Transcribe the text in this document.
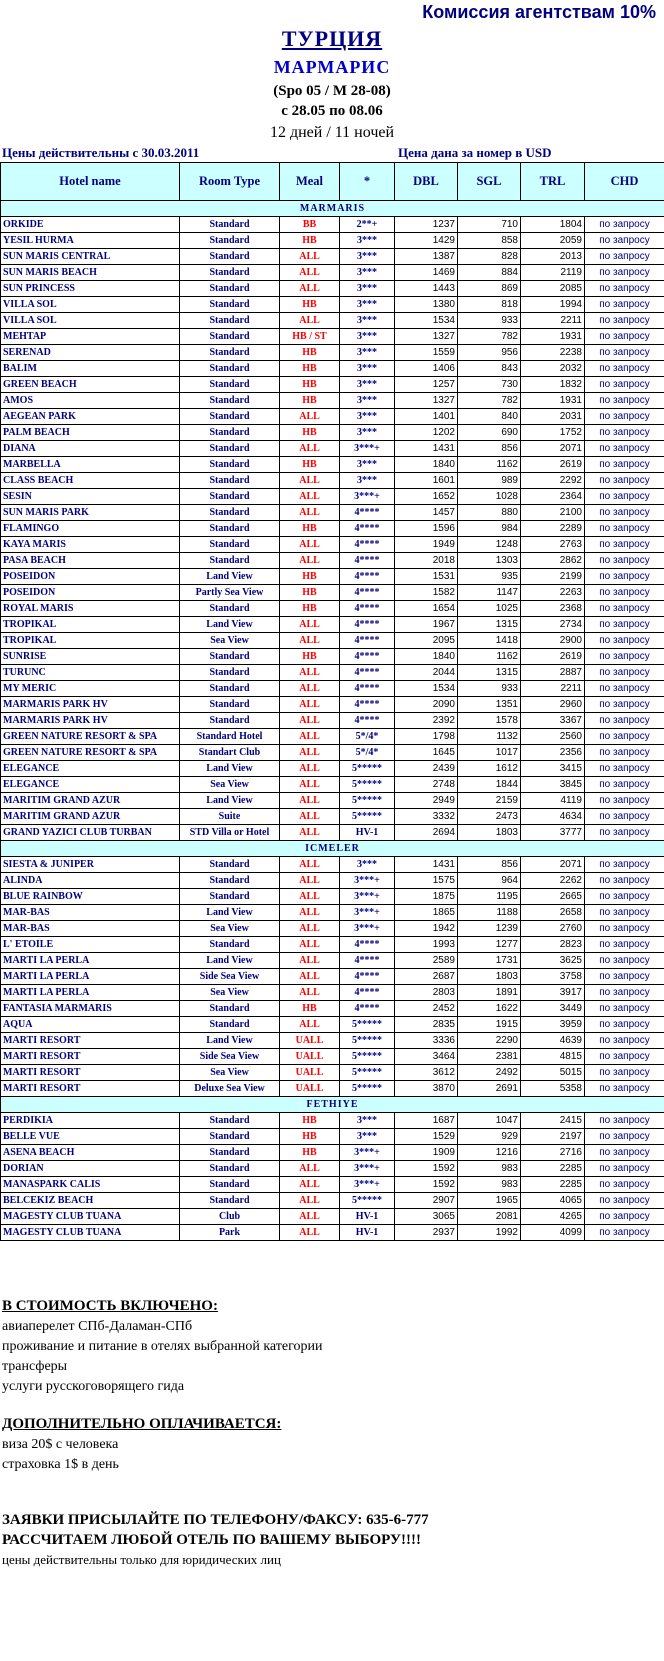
Комиссия агентствам 10%
ТУРЦИЯ
МАРМАРИС
(Spo 05 / M 28-08)
с 28.05 по 08.06
12 дней / 11 ночей
Цены действительны с 30.03.2011	Цена дана за номер в USD
Hotel name	Room Type	Meal	*	DBL	SGL	TRL	CHD
MARMARIS							
ORKIDE	Standard	BB	2**+	1237	710	1804	по запросу
YESIL HURMA	Standard	HB	3***	1429	858	2059	по запросу
SUN MARIS CENTRAL	Standard	ALL	3***	1387	828	2013	по запросу
SUN MARIS BEACH	Standard	ALL	3***	1469	884	2119	по запросу
SUN PRINCESS	Standard	ALL	3***	1443	869	2085	по запросу
VILLA SOL	Standard	HB	3***	1380	818	1994	по запросу
VILLA SOL	Standard	ALL	3***	1534	933	2211	по запросу
MEHTAP	Standard	HB / ST	3***	1327	782	1931	по запросу
SERENAD	Standard	HB	3***	1559	956	2238	по запросу
BALIM	Standard	HB	3***	1406	843	2032	по запросу
GREEN BEACH	Standard	HB	3***	1257	730	1832	по запросу
AMOS	Standard	HB	3***	1327	782	1931	по запросу
AEGEAN PARK	Standard	ALL	3***	1401	840	2031	по запросу
PALM BEACH	Standard	HB	3***	1202	690	1752	по запросу
DIANA	Standard	ALL	3***+	1431	856	2071	по запросу
MARBELLA	Standard	HB	3***	1840	1162	2619	по запросу
CLASS BEACH	Standard	ALL	3***	1601	989	2292	по запросу
SESIN	Standard	ALL	3***+	1652	1028	2364	по запросу
SUN MARIS PARK	Standard	ALL	4****	1457	880	2100	по запросу
FLAMINGO	Standard	HB	4****	1596	984	2289	по запросу
KAYA MARIS	Standard	ALL	4****	1949	1248	2763	по запросу
PASA BEACH	Standard	ALL	4****	2018	1303	2862	по запросу
POSEIDON	Land View	HB	4****	1531	935	2199	по запросу
POSEIDON	Partly Sea View	HB	4****	1582	1147	2263	по запросу
ROYAL MARIS	Standard	HB	4****	1654	1025	2368	по запросу
TROPIKAL	Land View	ALL	4****	1967	1315	2734	по запросу
TROPIKAL	Sea View	ALL	4****	2095	1418	2900	по запросу
SUNRISE	Standard	HB	4****	1840	1162	2619	по запросу
TURUNC	Standard	ALL	4****	2044	1315	2887	по запросу
MY MERIC	Standard	ALL	4****	1534	933	2211	по запросу
MARMARIS PARK HV	Standard	ALL	4****	2090	1351	2960	по запросу
MARMARIS PARK HV	Standard	ALL	4****	2392	1578	3367	по запросу
GREEN NATURE RESORT & SPA	Standard Hotel	ALL	5*/4*	1798	1132	2560	по запросу
GREEN NATURE RESORT & SPA	Standart Club	ALL	5*/4*	1645	1017	2356	по запросу
ELEGANCE	Land View	ALL	5*****	2439	1612	3415	по запросу
ELEGANCE	Sea View	ALL	5*****	2748	1844	3845	по запросу
MARITIM GRAND AZUR	Land View	ALL	5*****	2949	2159	4119	по запросу
MARITIM GRAND AZUR	Suite	ALL	5*****	3332	2473	4634	по запросу
GRAND YAZICI CLUB TURBAN	STD Villa or Hotel	ALL	HV-1	2694	1803	3777	по запросу
ICMELER							
SIESTA & JUNIPER	Standard	ALL	3***	1431	856	2071	по запросу
ALINDA	Standard	ALL	3***+	1575	964	2262	по запросу
BLUE RAINBOW	Standard	ALL	3***+	1875	1195	2665	по запросу
MAR-BAS	Land View	ALL	3***+	1865	1188	2658	по запросу
MAR-BAS	Sea View	ALL	3***+	1942	1239	2760	по запросу
L' ETOILE	Standard	ALL	4****	1993	1277	2823	по запросу
MARTI LA PERLA	Land View	ALL	4****	2589	1731	3625	по запросу
MARTI LA PERLA	Side Sea View	ALL	4****	2687	1803	3758	по запросу
MARTI LA PERLA	Sea View	ALL	4****	2803	1891	3917	по запросу
FANTASIA MARMARIS	Standard	HB	4****	2452	1622	3449	по запросу
AQUA	Standard	ALL	5*****	2835	1915	3959	по запросу
MARTI RESORT	Land View	UALL	5*****	3336	2290	4639	по запросу
MARTI RESORT	Side Sea View	UALL	5*****	3464	2381	4815	по запросу
MARTI RESORT	Sea View	UALL	5*****	3612	2492	5015	по запросу
MARTI RESORT	Deluxe Sea View	UALL	5*****	3870	2691	5358	по запросу
FETHIYE							
PERDIKIA	Standard	HB	3***	1687	1047	2415	по запросу
BELLE VUE	Standard	HB	3***	1529	929	2197	по запросу
ASENA BEACH	Standard	HB	3***+	1909	1216	2716	по запросу
DORIAN	Standard	ALL	3***+	1592	983	2285	по запросу
MANASPARK CALIS	Standard	ALL	3***+	1592	983	2285	по запросу
BELCEKIZ BEACH	Standard	ALL	5*****	2907	1965	4065	по запросу
MAGESTY CLUB TUANA	Club	ALL	HV-1	3065	2081	4265	по запросу
MAGESTY CLUB TUANA	Park	ALL	HV-1	2937	1992	4099	по запросу
В СТОИМОСТЬ ВКЛЮЧЕНО:
авиаперелет СПб-Даламан-СПб
проживание и питание в отелях выбранной категории
трансферы
услуги русскоговорящего гида
ДОПОЛНИТЕЛЬНО ОПЛАЧИВАЕТСЯ:
виза 20$ с человека
страховка 1$ в день
ЗАЯВКИ ПРИСЫЛАЙТЕ ПО ТЕЛЕФОНУ/ФАКСУ: 635-6-777
РАССЧИТАЕМ ЛЮБОЙ ОТЕЛЬ ПО ВАШЕМУ ВЫБОРУ!!!!
цены действительны только для юридических лиц
